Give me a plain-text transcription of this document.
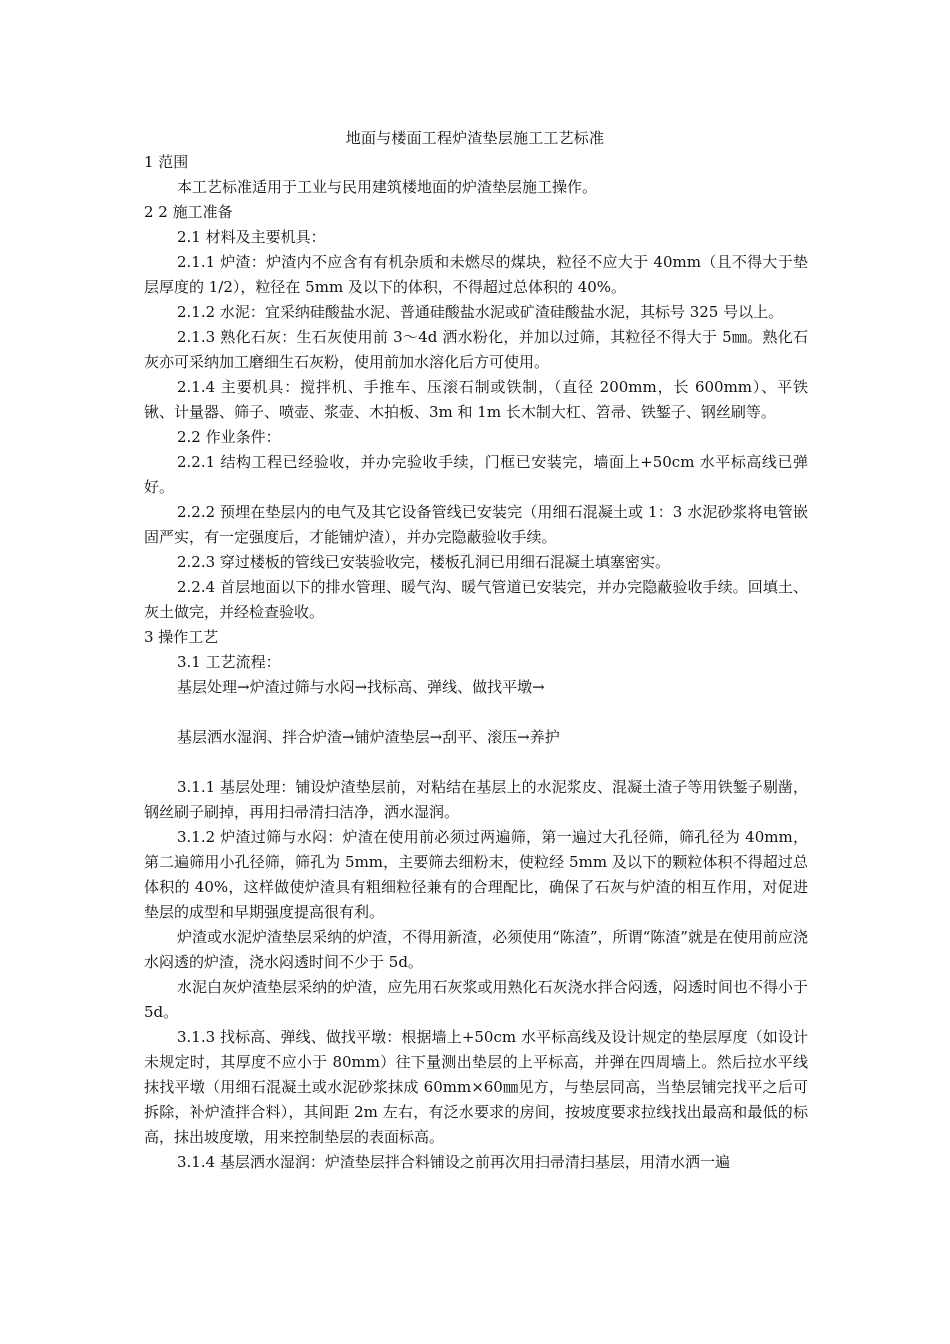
地面与楼面工程炉渣垫层施工工艺标准

1 范围

本工艺标准适用于工业与民用建筑楼地面的炉渣垫层施工操作。

2 2 施工准备

2.1 材料及主要机具：

2.1.1 炉渣：炉渣内不应含有有机杂质和未燃尽的煤块，粒径不应大于 40mm（且不得大于垫层厚度的 1/2），粒径在 5mm 及以下的体积，不得超过总体积的 40%。

2.1.2 水泥：宜采纳硅酸盐水泥、普通硅酸盐水泥或矿渣硅酸盐水泥，其标号 325 号以上。

2.1.3 熟化石灰：生石灰使用前 3～4d 洒水粉化，并加以过筛，其粒径不得大于 5㎜。熟化石灰亦可采纳加工磨细生石灰粉，使用前加水溶化后方可使用。

2.1.4 主要机具：搅拌机、手推车、压滚石制或铁制，（直径 200mm，长 600mm）、平铁锹、计量器、筛子、喷壶、浆壶、木拍板、3m 和 1m 长木制大杠、笤帚、铁錾子、钢丝刷等。

2.2 作业条件：

2.2.1 结构工程已经验收，并办完验收手续，门框已安装完，墙面上+50cm 水平标高线已弹好。

2.2.2 预埋在垫层内的电气及其它设备管线已安装完（用细石混凝土或 1：3 水泥砂浆将电管嵌固严实，有一定强度后，才能铺炉渣），并办完隐蔽验收手续。

2.2.3 穿过楼板的管线已安装验收完，楼板孔洞已用细石混凝土填塞密实。

2.2.4 首层地面以下的排水管理、暖气沟、暖气管道已安装完，并办完隐蔽验收手续。回填土、灰土做完，并经检查验收。

3 操作工艺

3.1 工艺流程：

基层处理→炉渣过筛与水闷→找标高、弹线、做找平墩→

基层洒水湿润、拌合炉渣→铺炉渣垫层→刮平、滚压→养护

3.1.1 基层处理：铺设炉渣垫层前，对粘结在基层上的水泥浆皮、混凝土渣子等用铁錾子剔凿，钢丝刷子刷掉，再用扫帚清扫洁净，洒水湿润。

3.1.2 炉渣过筛与水闷：炉渣在使用前必须过两遍筛，第一遍过大孔径筛，筛孔径为 40mm，第二遍筛用小孔径筛，筛孔为 5mm，主要筛去细粉末，使粒经 5mm 及以下的颗粒体积不得超过总体积的 40%，这样做使炉渣具有粗细粒径兼有的合理配比，确保了石灰与炉渣的相互作用，对促进垫层的成型和早期强度提高很有利。

炉渣或水泥炉渣垫层采纳的炉渣，不得用新渣，必须使用“陈渣”，所谓“陈渣”就是在使用前应浇水闷透的炉渣，浇水闷透时间不少于 5d。

水泥白灰炉渣垫层采纳的炉渣，应先用石灰浆或用熟化石灰浇水拌合闷透，闷透时间也不得小于 5d。

3.1.3 找标高、弹线、做找平墩：根据墙上+50cm 水平标高线及设计规定的垫层厚度（如设计未规定时，其厚度不应小于 80mm）往下量测出垫层的上平标高，并弹在四周墙上。然后拉水平线抹找平墩（用细石混凝土或水泥砂浆抹成 60mm×60㎜见方，与垫层同高，当垫层铺完找平之后可拆除，补炉渣拌合料），其间距 2m 左右，有泛水要求的房间，按坡度要求拉线找出最高和最低的标高，抹出坡度墩，用来控制垫层的表面标高。

3.1.4 基层洒水湿润：炉渣垫层拌合料铺设之前再次用扫帚清扫基层，用清水洒一遍
